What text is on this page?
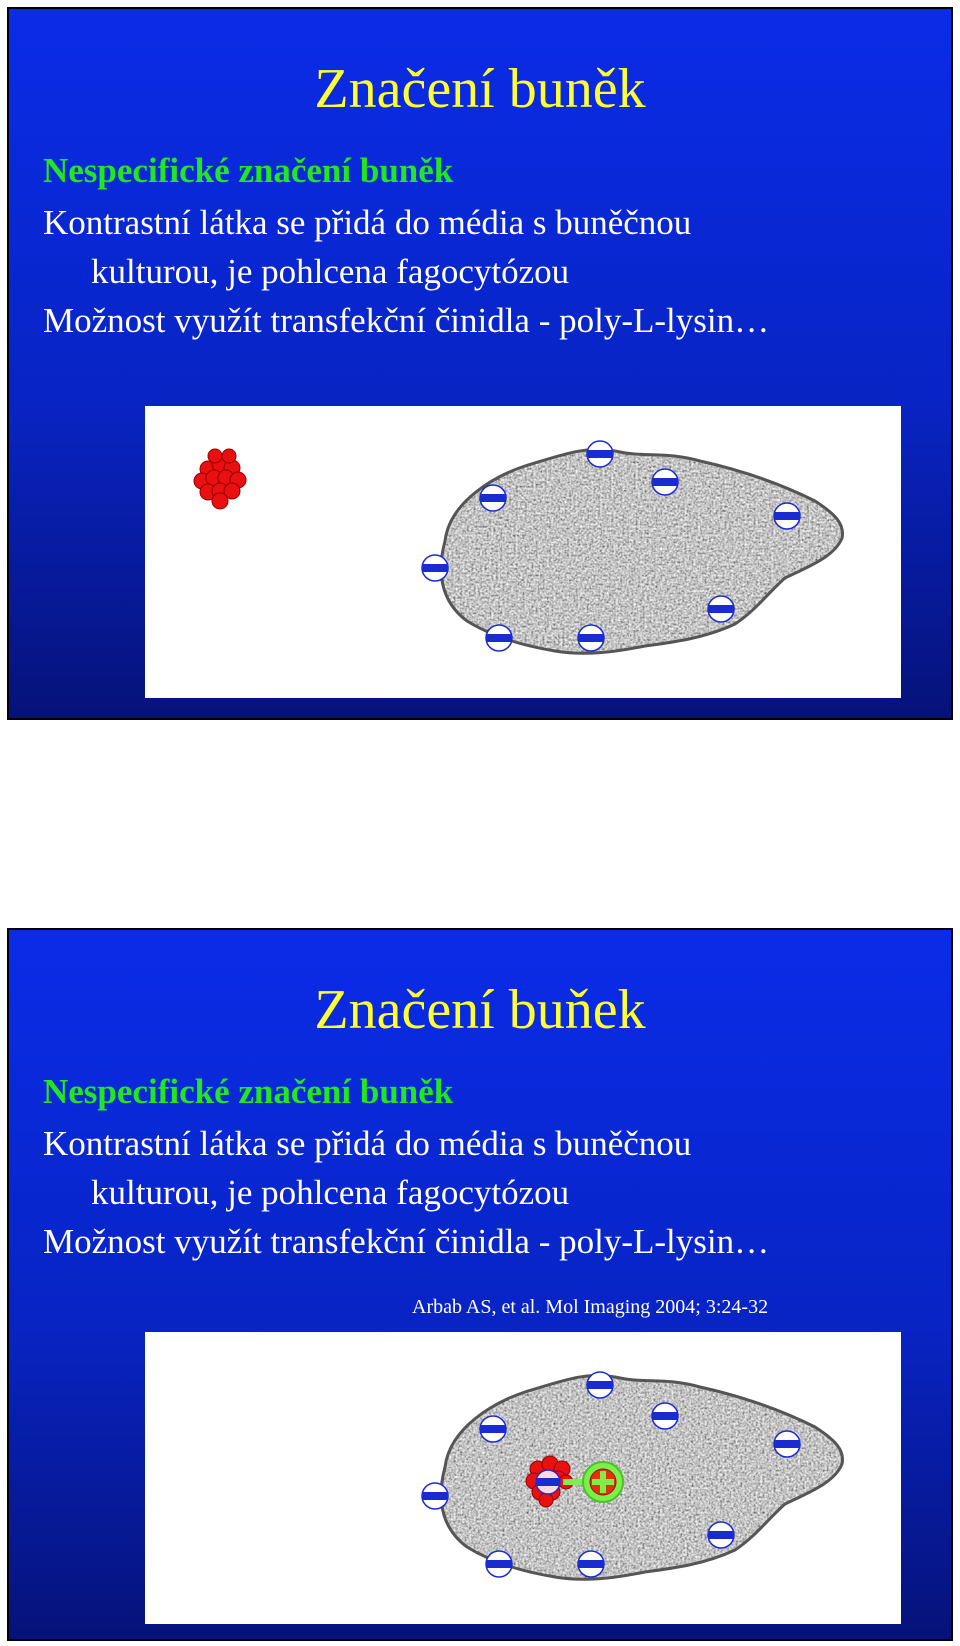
Značení buněk

Nespecifické značení buněk

Kontrastní látka se přidá do média s buněčnou

kulturou, je pohlcena fagocytózou

Možnost využít transfekční činidla - poly-L-lysin…

Značení buňek

Nespecifické značení buněk

Kontrastní látka se přidá do média s buněčnou

kulturou, je pohlcena fagocytózou

Možnost využít transfekční činidla - poly-L-lysin…

Arbab AS, et al. Mol Imaging 2004; 3:24-32
